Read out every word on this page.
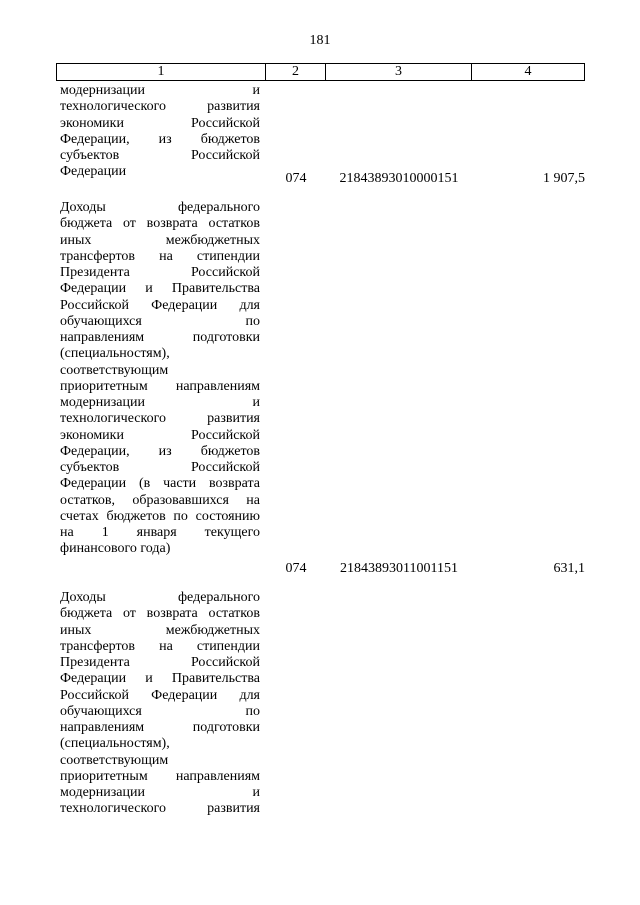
181
1	2	3	4
модернизации и
технологического развития
экономики Российской
Федерации, из бюджетов
субъектов Российской
Федерации	074	21843893010000151	1 907,5
Доходы федерального
бюджета от возврата остатков
иных межбюджетных
трансфертов на стипендии
Президента Российской
Федерации и Правительства
Российской Федерации для
обучающихся по
направлениям подготовки
(специальностям),
соответствующим
приоритетным направлениям
модернизации и
технологического развития
экономики Российской
Федерации, из бюджетов
субъектов Российской
Федерации (в части возврата
остатков, образовавшихся на
счетах бюджетов по состоянию
на 1 января текущего
финансового года)
074	21843893011001151	631,1
Доходы федерального
бюджета от возврата остатков
иных межбюджетных
трансфертов на стипендии
Президента Российской
Федерации и Правительства
Российской Федерации для
обучающихся по
направлениям подготовки
(специальностям),
соответствующим
приоритетным направлениям
модернизации и
технологического развития
